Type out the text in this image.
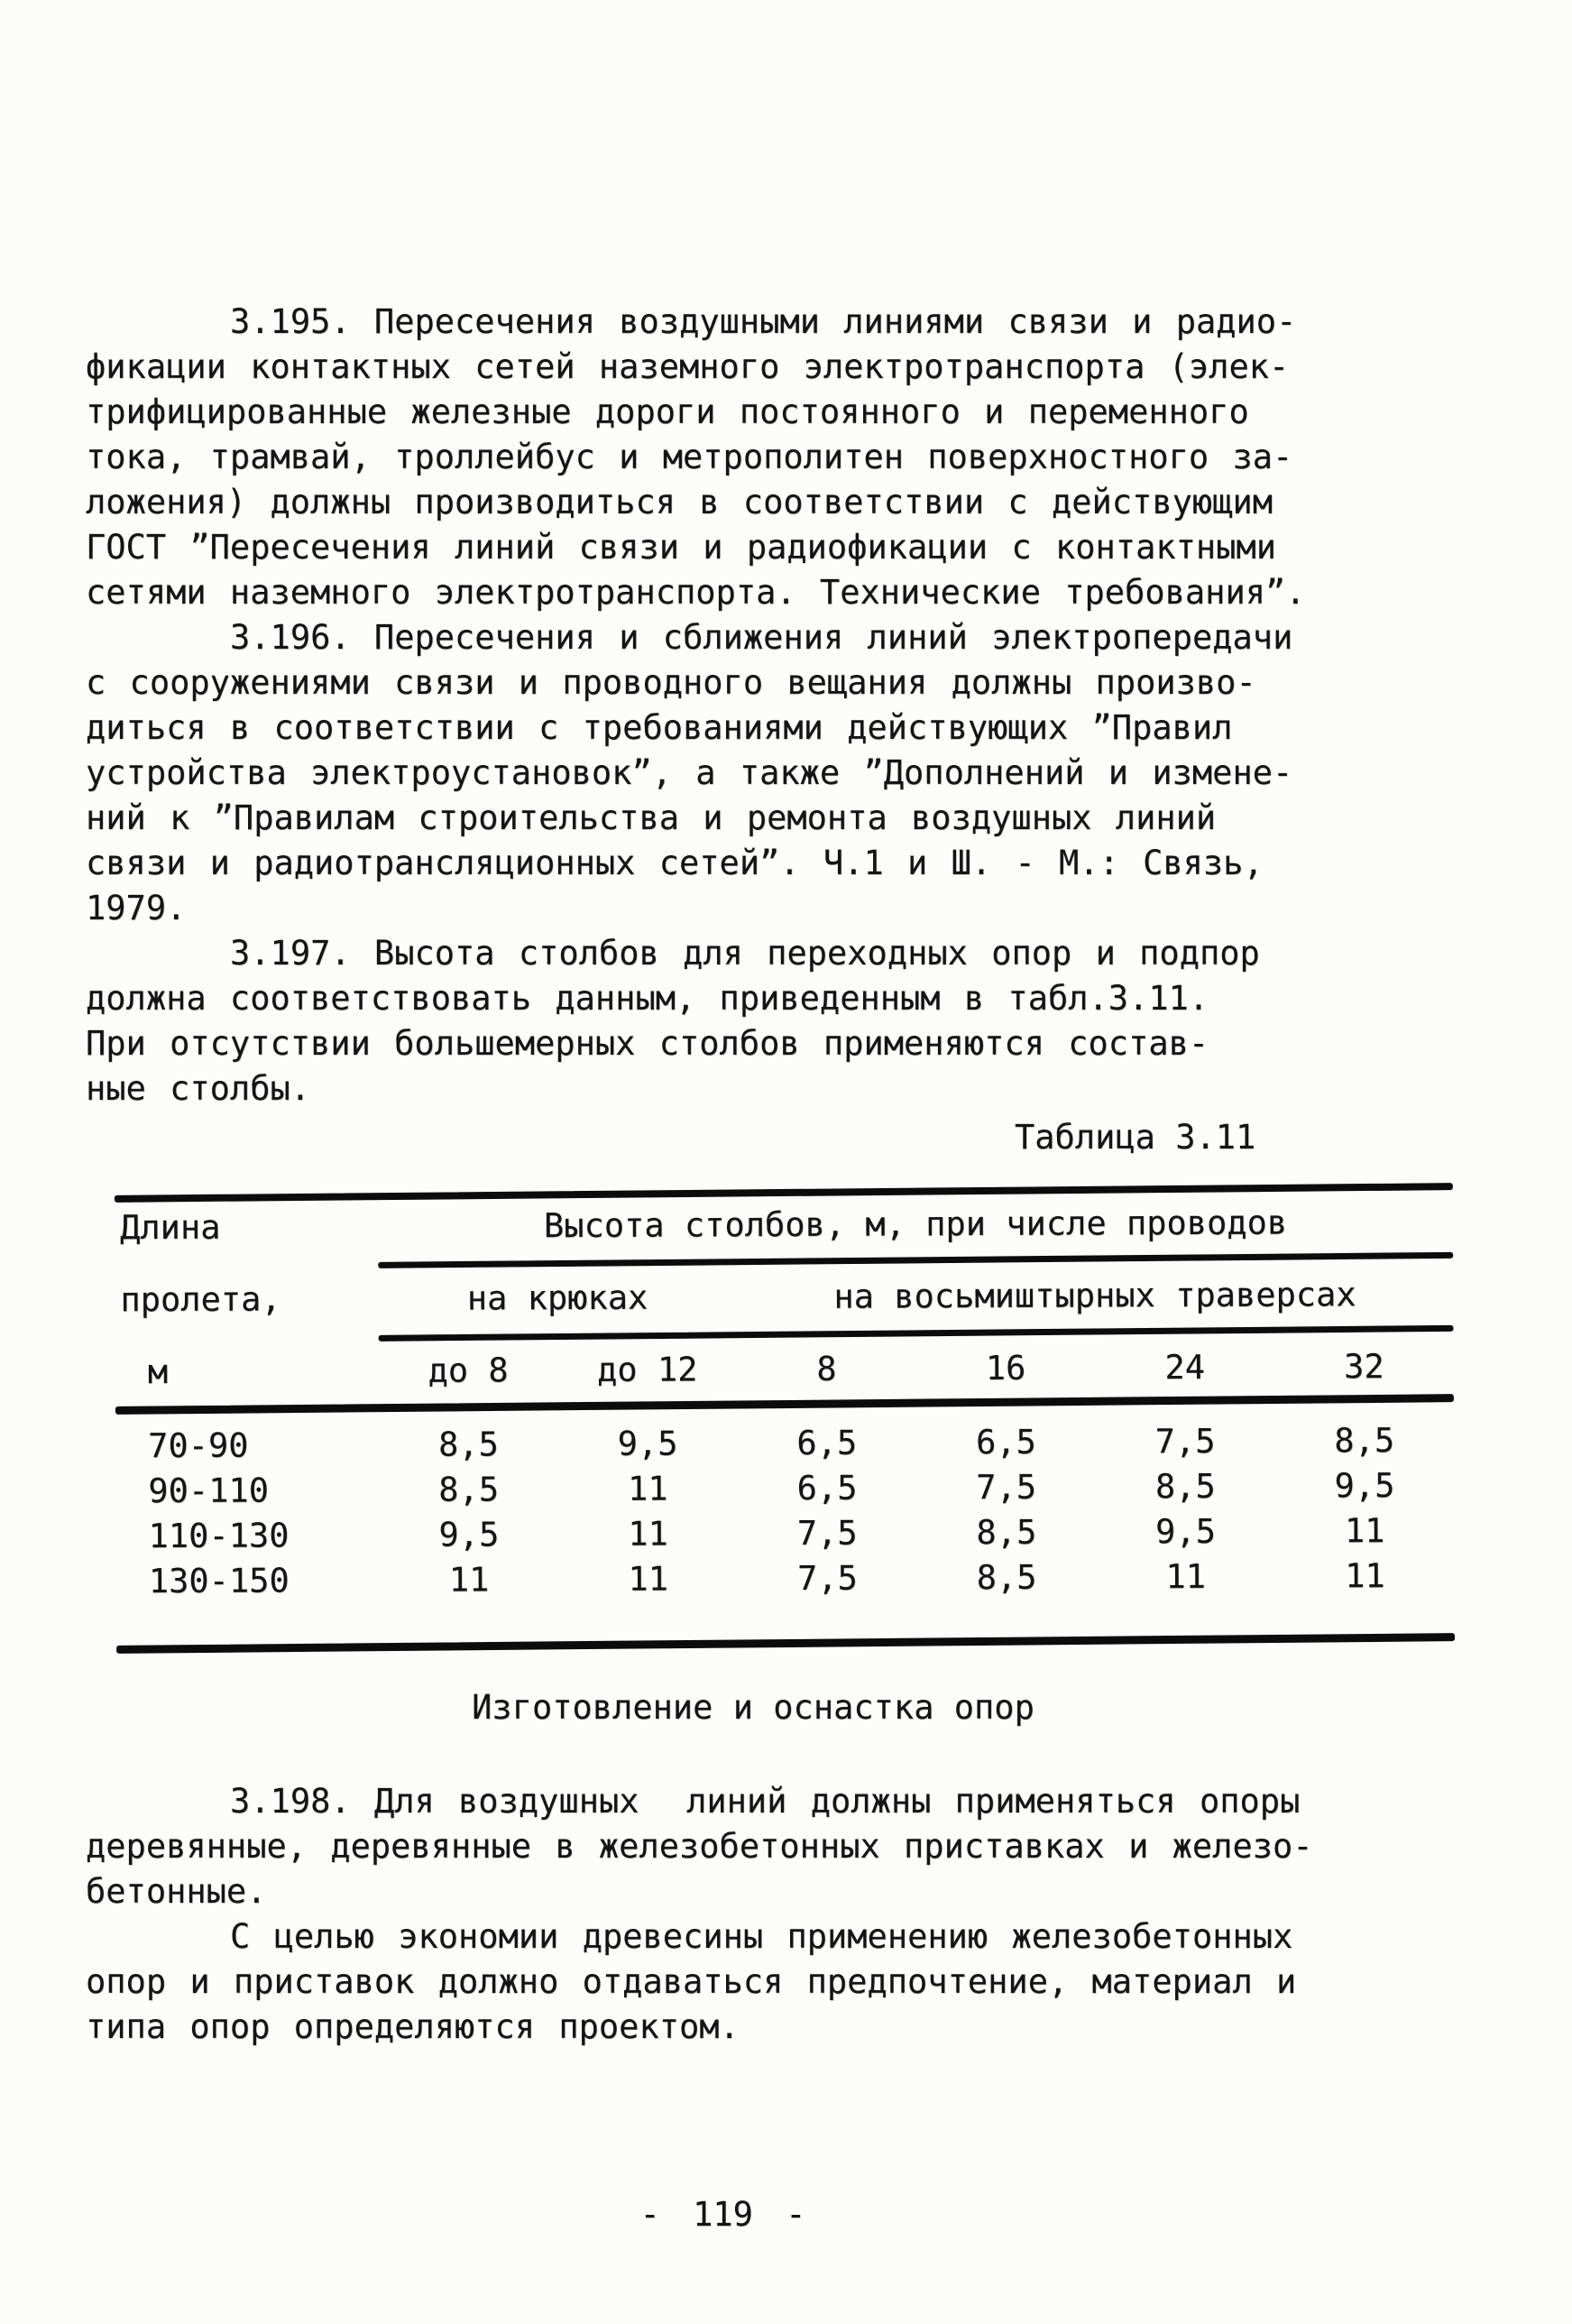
3.195. Пересечения воздушными линиями связи и радио-
фикации контактных сетей наземного электротранспорта (элек-
трифицированные железные дороги постоянного и переменного
тока, трамвай, троллейбус и метрополитен поверхностного за-
ложения) должны производиться в соответствии с действующим
ГОСТ ”Пересечения линий связи и радиофикации с контактными
сетями наземного электротранспорта. Технические требования”.
3.196. Пересечения и сближения линий электропередачи
с сооружениями связи и проводного вещания должны произво-
диться в соответствии с требованиями действующих ”Правил
устройства электроустановок”, а также ”Дополнений и измене-
ний к ”Правилам строительства и ремонта воздушных линий
связи и радиотрансляционных сетей”. Ч.1 и Ш. - М.: Связь,
1979.
3.197. Высота столбов для переходных опор и подпор
должна соответствовать данным, приведенным в табл.3.11.
При отсутствии большемерных столбов применяются состав-
ные столбы.
Таблица 3.11
Длина	Высота столбов, м, при числе проводов
пролета,	на крюках	на восьмиштырных траверсах
м	до 8	до 12	8	16	24	32
70-90	8,5	9,5	6,5	6,5	7,5	8,5
90-110	8,5	11	6,5	7,5	8,5	9,5
110-130	9,5	11	7,5	8,5	9,5	11
130-150	11	11	7,5	8,5	11	11
Изготовление и оснастка опор
3.198. Для воздушных  линий должны применяться опоры
деревянные, деревянные в железобетонных приставках и железо-
бетонные.
С целью экономии древесины применению железобетонных
опор и приставок должно отдаваться предпочтение, материал и
типа опор определяются проектом.
- 119 -
